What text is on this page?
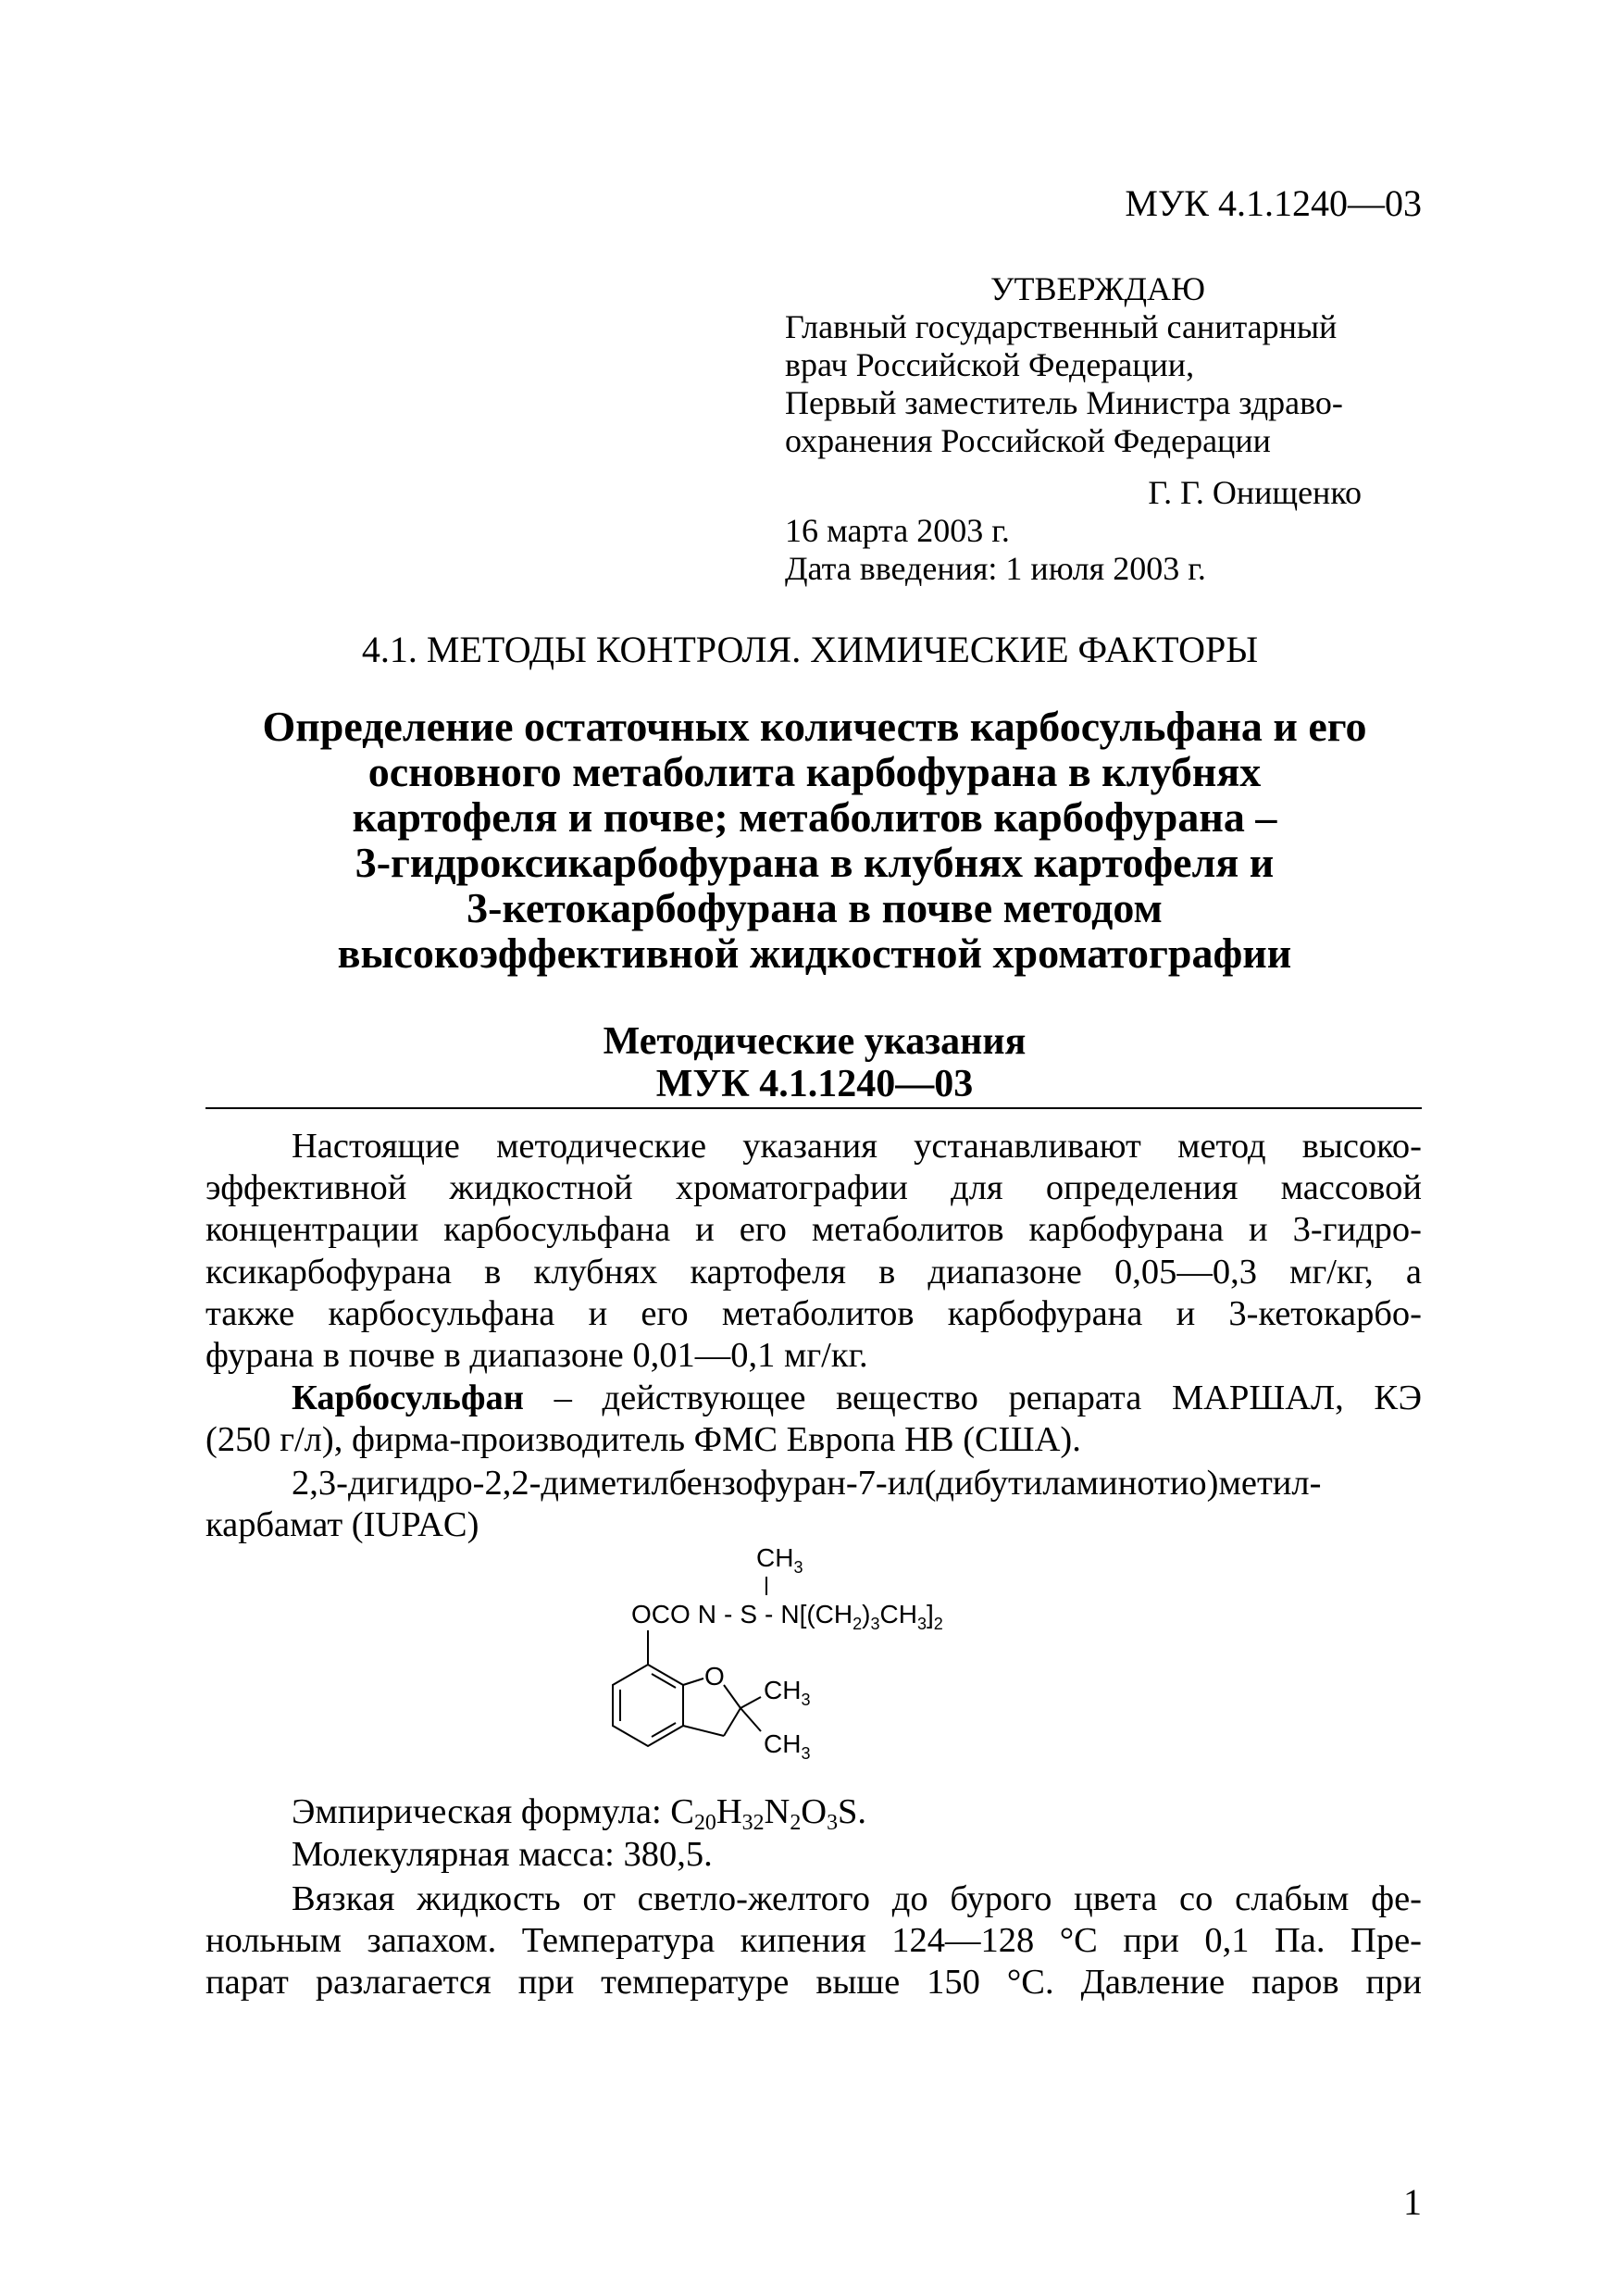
МУК 4.1.1240—03
УТВЕРЖДАЮ
Главный государственный санитарный
врач Российской Федерации,
Первый заместитель Министра здраво-
охранения Российской Федерации
Г. Г. Онищенко
16 марта 2003 г.
Дата введения: 1 июля 2003 г.
4.1. МЕТОДЫ КОНТРОЛЯ. ХИМИЧЕСКИЕ ФАКТОРЫ
Определение остаточных количеств карбосульфана и его
основного метаболита карбофурана в клубнях
картофеля и почве; метаболитов карбофурана –
3-гидроксикарбофурана в клубнях картофеля и
3-кетокарбофурана в почве методом
высокоэффективной жидкостной хроматографии
Методические указания
МУК 4.1.1240—03
Настоящие методические указания устанавливают метод высоко-
эффективной жидкостной хроматографии для определения массовой
концентрации карбосульфана и его метаболитов карбофурана и 3-гидро-
ксикарбофурана в клубнях картофеля в диапазоне 0,05—0,3 мг/кг, а
также карбосульфана и его метаболитов карбофурана и 3-кетокарбо-
фурана в почве в диапазоне 0,01—0,1 мг/кг.
Карбосульфан – действующее вещество репарата МАРШАЛ, КЭ
(250 г/л), фирма-производитель ФМС Европа НВ (США).
2,3-дигидро-2,2-диметилбензофуран-7-ил(дибутиламинотио)метил-
карбамат (IUPAC)
$CH_3$
OCO N - S - $N[(CH_2)_3CH_3]_2$
O $CH_3$
$CH_3$
Эмпирическая формула: $C_{20}H_{32}N_2O_3S$.
Молекулярная масса: 380,5.
Вязкая жидкость от светло-желтого до бурого цвета со слабым фе-
нольным запахом. Температура кипения 124—128 °С при 0,1 Па. Пре-
парат разлагается при температуре выше 150 °С. Давление паров при
1
